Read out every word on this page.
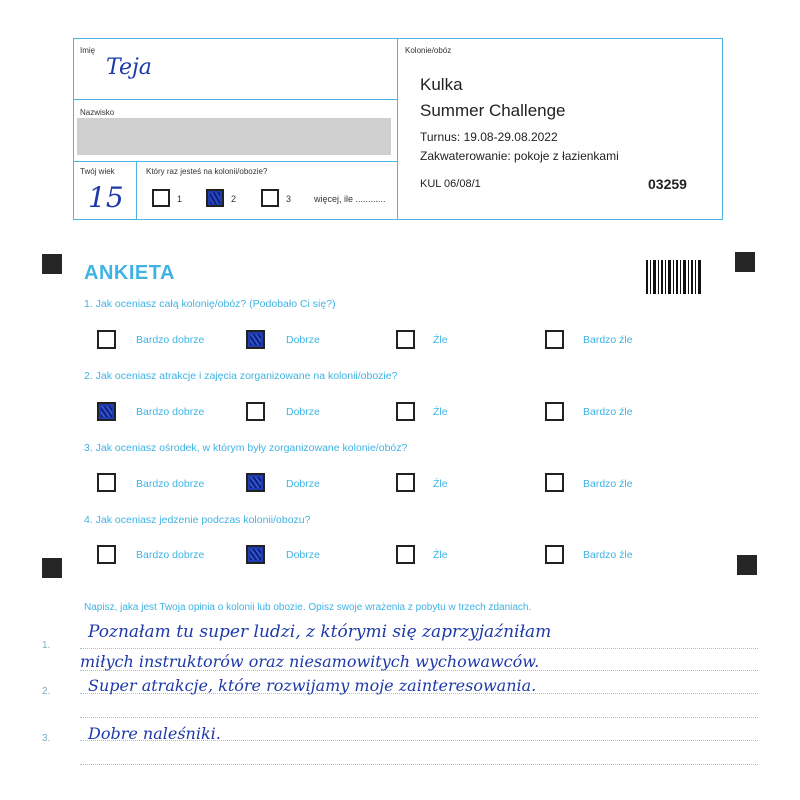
Imię
Teja
Nazwisko
Twój wiek
15
Który raz jesteś na kolonii/obozie?
1	2	3	więcej, ile ............
Kolonie/obóz
Kulka
Summer Challenge
Turnus: 19.08-29.08.2022
Zakwaterowanie: pokoje z łazienkami
KUL 06/08/1	03259
ANKIETA
1. Jak oceniasz całą kolonię/obóz? (Podobało Ci się?)
Bardzo dobrze	Dobrze	Źle	Bardzo źle
2. Jak oceniasz atrakcje i zajęcia zorganizowane na kolonii/obozie?
Bardzo dobrze	Dobrze	Źle	Bardzo źle
3. Jak oceniasz ośrodek, w którym były zorganizowane kolonie/obóz?
Bardzo dobrze	Dobrze	Źle	Bardzo źle
4. Jak oceniasz jedzenie podczas kolonii/obozu?
Bardzo dobrze	Dobrze	Źle	Bardzo źle
Napisz, jaka jest Twoja opinia o kolonii lub obozie. Opisz swoje wrażenia z pobytu w trzech zdaniach.
1.
2.
3.
Poznałam tu super ludzi, z którymi się zaprzyjaźniłam
miłych instruktorów oraz niesamowitych wychowawców.
Super atrakcje, które rozwijamy moje zainteresowania.
Dobre naleśniki.
